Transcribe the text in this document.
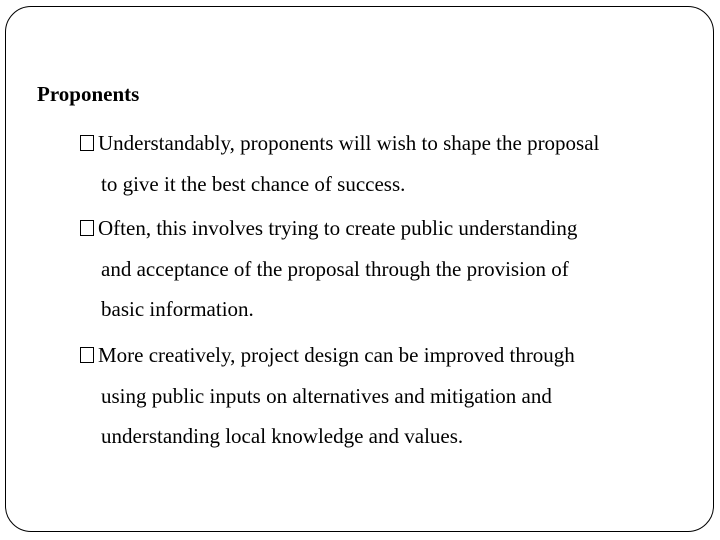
Proponents
Understandably, proponents will wish to shape the proposal
to give it the best chance of success.
Often, this involves trying to create public understanding
and acceptance of the proposal through the provision of
basic information.
More creatively, project design can be improved through
using public inputs on alternatives and mitigation and
understanding local knowledge and values.
